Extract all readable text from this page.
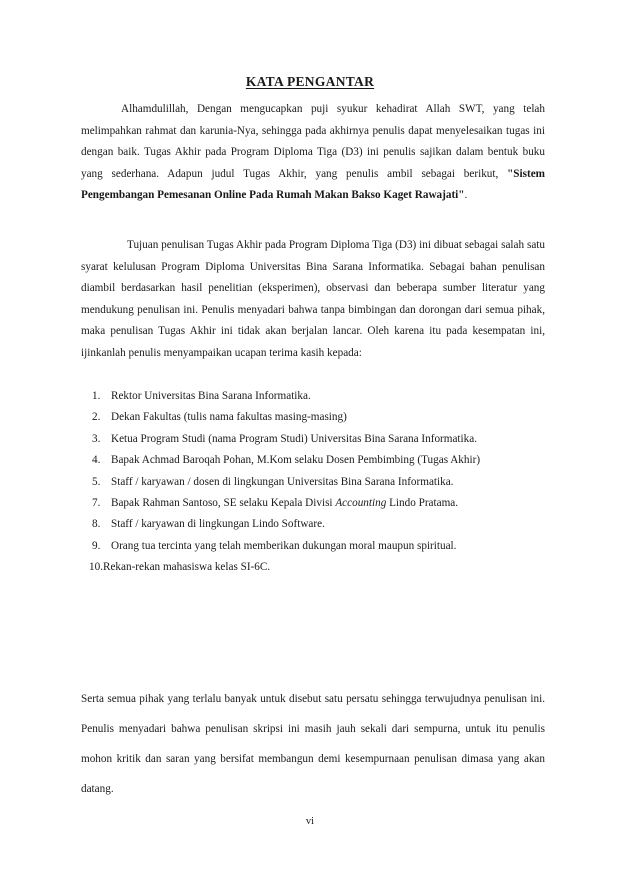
KATA PENGANTAR

Alhamdulillah, Dengan mengucapkan puji syukur kehadirat Allah SWT, yang telah melimpahkan rahmat dan karunia-Nya, sehingga pada akhirnya penulis dapat menyelesaikan tugas ini dengan baik. Tugas Akhir pada Program Diploma Tiga (D3) ini penulis sajikan dalam bentuk buku yang sederhana. Adapun judul Tugas Akhir, yang penulis ambil sebagai berikut, "Sistem Pengembangan Pemesanan Online Pada Rumah Makan Bakso Kaget Rawajati".

Tujuan penulisan Tugas Akhir pada Program Diploma Tiga (D3) ini dibuat sebagai salah satu syarat kelulusan Program Diploma Universitas Bina Sarana Informatika. Sebagai bahan penulisan diambil berdasarkan hasil penelitian (eksperimen), observasi dan beberapa sumber literatur yang mendukung penulisan ini. Penulis menyadari bahwa tanpa bimbingan dan dorongan dari semua pihak, maka penulisan Tugas Akhir ini tidak akan berjalan lancar. Oleh karena itu pada kesempatan ini, ijinkanlah penulis menyampaikan ucapan terima kasih kepada:

1. Rektor Universitas Bina Sarana Informatika.
2. Dekan Fakultas (tulis nama fakultas masing-masing)
3. Ketua Program Studi (nama Program Studi) Universitas Bina Sarana Informatika.
4. Bapak Achmad Baroqah Pohan, M.Kom selaku Dosen Pembimbing (Tugas Akhir)
5. Staff / karyawan / dosen di lingkungan Universitas Bina Sarana Informatika.
7. Bapak Rahman Santoso, SE selaku Kepala Divisi Accounting Lindo Pratama.
8. Staff / karyawan di lingkungan Lindo Software.
9. Orang tua tercinta yang telah memberikan dukungan moral maupun spiritual.
10. Rekan-rekan mahasiswa kelas SI-6C.

Serta semua pihak yang terlalu banyak untuk disebut satu persatu sehingga terwujudnya penulisan ini. Penulis menyadari bahwa penulisan skripsi ini masih jauh sekali dari sempurna, untuk itu penulis mohon kritik dan saran yang bersifat membangun demi kesempurnaan penulisan dimasa yang akan datang.

vi
